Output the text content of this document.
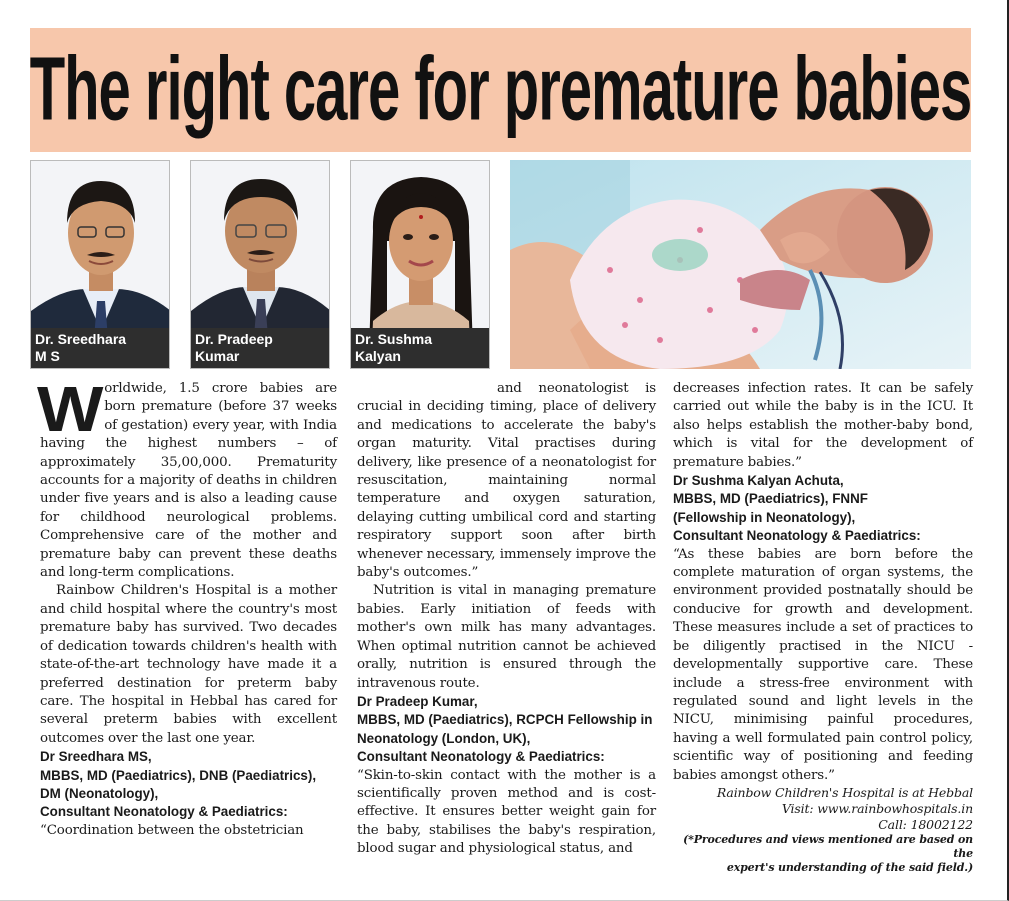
The right care for premature babies
Dr. Sreedhara
M S
Dr. Pradeep
Kumar
Dr. Sushma
Kalyan

Worldwide, 1.5 crore babies are born premature (before 37 weeks of gestation) every year, with India having the highest numbers – of approximately 35,00,000. Prematurity accounts for a majority of deaths in children under five years and is also a leading cause for childhood neurological problems. Comprehensive care of the mother and premature baby can prevent these deaths and long-term complications.

Rainbow Children's Hospital is a mother and child hospital where the country's most premature baby has survived. Two decades of dedication towards children's health with state-of-the-art technology have made it a preferred destination for preterm baby care. The hospital in Hebbal has cared for several preterm babies with excellent outcomes over the last one year.

Dr Sreedhara MS,
MBBS, MD (Paediatrics), DNB (Paediatrics), DM (Neonatology),
Consultant Neonatology & Paediatrics:

“Coordination between the obstetrician

and neonatologist is crucial in deciding timing, place of delivery and medications to accelerate the baby's organ maturity. Vital practises during delivery, like presence of a neonatologist for resuscitation, maintaining normal temperature and oxygen saturation, delaying cutting umbilical cord and starting respiratory support soon after birth whenever necessary, immensely improve the baby's outcomes.”

Nutrition is vital in managing premature babies. Early initiation of feeds with mother's own milk has many advantages. When optimal nutrition cannot be achieved orally, nutrition is ensured through the intravenous route.

Dr Pradeep Kumar,
MBBS, MD (Paediatrics), RCPCH Fellowship in Neonatology (London, UK),
Consultant Neonatology & Paediatrics:

“Skin-to-skin contact with the mother is a scientifically proven method and is cost-effective. It ensures better weight gain for the baby, stabilises the baby's respiration, blood sugar and physiological status, and

decreases infection rates. It can be safely carried out while the baby is in the ICU. It also helps establish the mother-baby bond, which is vital for the development of premature babies.”

Dr Sushma Kalyan Achuta,
MBBS, MD (Paediatrics), FNNF
(Fellowship in Neonatology),
Consultant Neonatology & Paediatrics:

“As these babies are born before the complete maturation of organ systems, the environment provided postnatally should be conducive for growth and development. These measures include a set of practices to be diligently practised in the NICU - developmentally supportive care. These include a stress-free environment with regulated sound and light levels in the NICU, minimising painful procedures, having a well formulated pain control policy, scientific way of positioning and feeding babies amongst others.”

Rainbow Children's Hospital is at Hebbal
Visit: www.rainbowhospitals.in
Call: 18002122

(*Procedures and views mentioned are based on the
expert's understanding of the said field.)
